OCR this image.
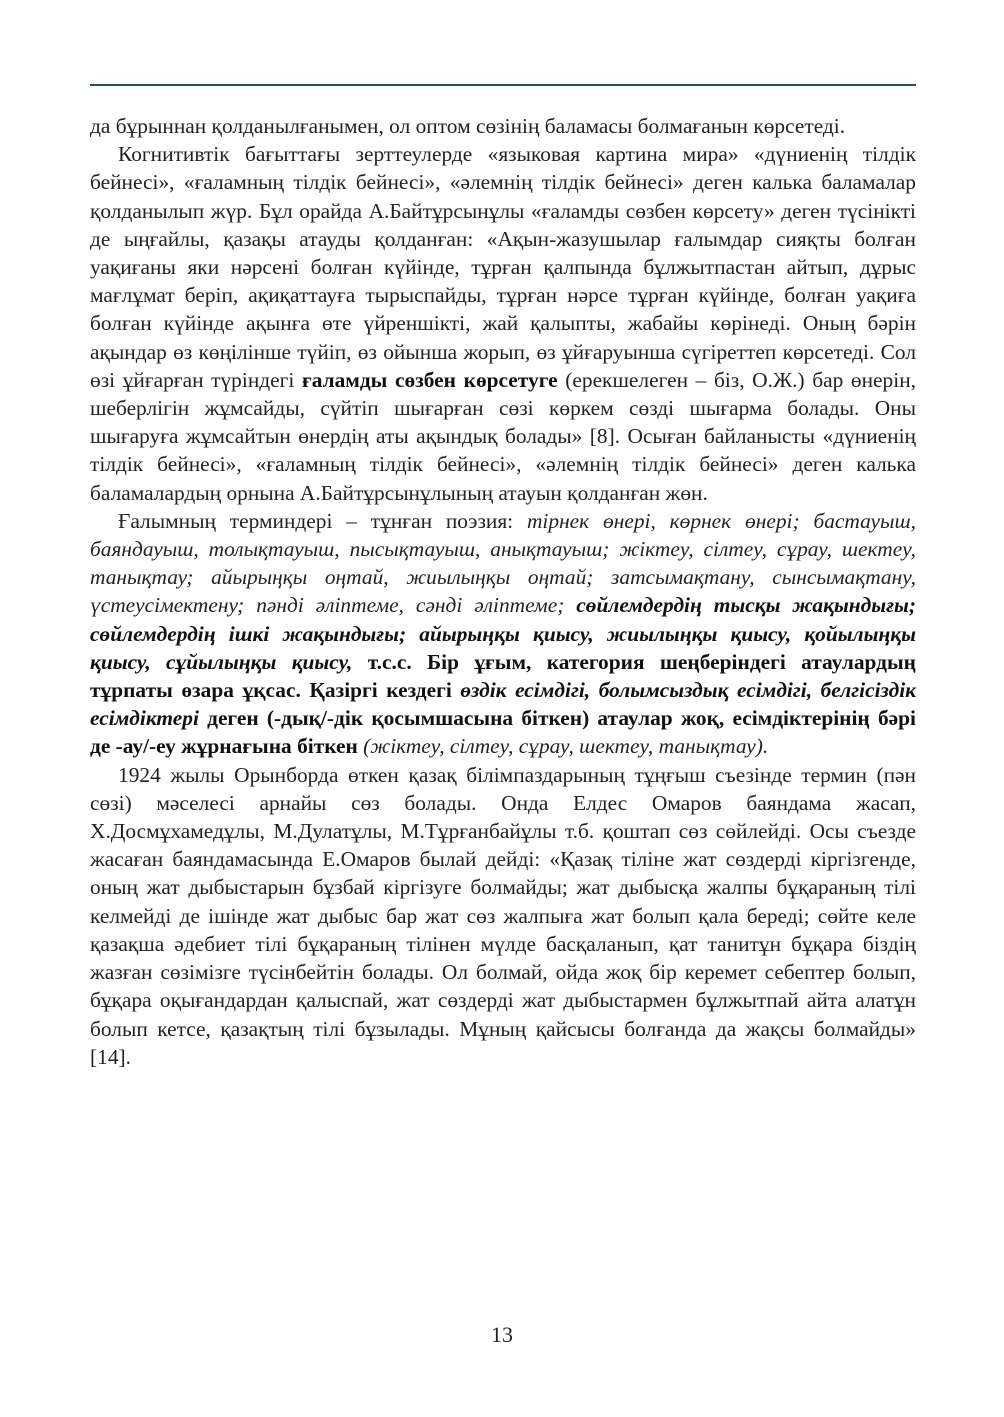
да бұрыннан қолданылғанымен, ол оптом сөзінің баламасы болмағанын көрсетеді.

Когнитивтік бағыттағы зерттеулерде «языковая картина мира» «дүниенің тілдік бейнесі», «ғаламның тілдік бейнесі», «әлемнің тілдік бейнесі» деген калька баламалар қолданылып жүр. Бұл орайда А.Байтұрсынұлы «ғаламды сөзбен көрсету» деген түсінікті де ыңғайлы, қазақы атауды қолданған: «Ақын-жазушылар ғалымдар сияқты болған уақиғаны яки нәрсені болған күйінде, тұрған қалпында бұлжытпастан айтып, дұрыс мағлұмат беріп, ақиқаттауға тырыспайды, тұрған нәрсе тұрған күйінде, болған уақиға болған күйінде ақынға өте үйреншікті, жай қалыпты, жабайы көрінеді. Оның бәрін ақындар өз көңілінше түйіп, өз ойынша жорып, өз ұйғаруынша сүгіреттеп көрсетеді. Сол өзі ұйғарған түріндегі ғаламды сөзбен көрсетуге (ерекшелеген – біз, О.Ж.) бар өнерін, шеберлігін жұмсайды, сүйтіп шығарған сөзі көркем сөзді шығарма болады. Оны шығаруға жұмсайтын өнердің аты ақындық болады» [8]. Осыған байланысты «дүниенің тілдік бейнесі», «ғаламның тілдік бейнесі», «әлемнің тілдік бейнесі» деген калька баламалардың орнына А.Байтұрсынұлының атауын қолданған жөн.

Ғалымның терминдері – тұнған поэзия: тірнек өнері, көрнек өнері; бастауыш, баяндауыш, толықтауыш, пысықтауыш, анықтауыш; жіктеу, сілтеу, сұрау, шектеу, танықтау; айырыңқы оңтай, жиылыңқы оңтай; затсымақтану, сынсымақтану, үстеусімектену; пәнді әліптеме, сәнді әліптеме; сөйлемдердің тысқы жақындығы; сөйлемдердің ішкі жақындығы; айырыңқы қиысу, жиылыңқы қиысу, қойылыңқы қиысу, сұйылыңқы қиысу, т.с.с. Бір ұғым, категория шеңберіндегі атаулардың тұрпаты өзара ұқсас. Қазіргі кездегі өздік есімдігі, болымсыздық есімдігі, белгісіздік есімдіктері деген (-дық/-дік қосымшасына біткен) атаулар жоқ, есімдіктерінің бәрі де -ау/-еу жұрнағына біткен (жіктеу, сілтеу, сұрау, шектеу, танықтау).

1924 жылы Орынборда өткен қазақ білімпаздарының тұңғыш съезінде термин (пән сөзі) мәселесі арнайы сөз болады. Онда Елдес Омаров баяндама жасап, Х.Досмұхамедұлы, М.Дулатұлы, М.Тұрғанбайұлы т.б. қоштап сөз сөйлейді. Осы съезде жасаған баяндамасында Е.Омаров былай дейді: «Қазақ тіліне жат сөздерді кіргізгенде, оның жат дыбыстарын бұзбай кіргізуге болмайды; жат дыбысқа жалпы бұқараның тілі келмейді де ішінде жат дыбыс бар жат сөз жалпыға жат болып қала береді; сөйте келе қазақша әдебиет тілі бұқараның тілінен мүлде басқаланып, қат танитұн бұқара біздің жазған сөзімізге түсінбейтін болады. Ол болмай, ойда жоқ бір керемет себептер болып, бұқара оқығандардан қалыспай, жат сөздерді жат дыбыстармен бұлжытпай айта алатұн болып кетсе, қазақтың тілі бұзылады. Мұның қайсысы болғанда да жақсы болмайды» [14].

13
